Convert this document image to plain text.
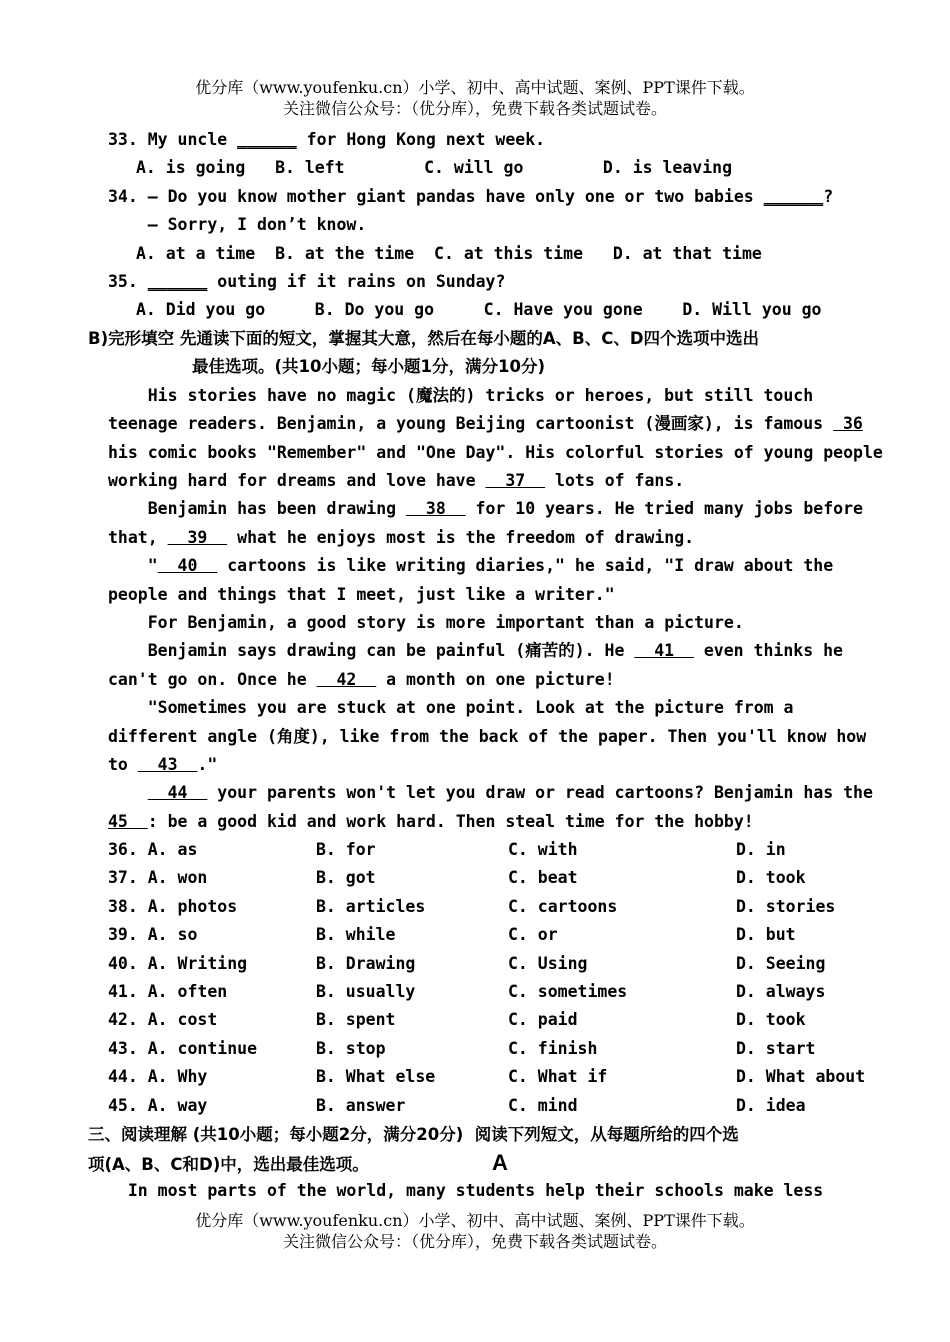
优分库（www.youfenku.cn）小学、初中、高中试题、案例、PPT课件下载。
关注微信公众号：（优分库），免费下载各类试题试卷。
33. My uncle ______ for Hong Kong next week.
A. is going   B. left        C. will go        D. is leaving
34. — Do you know mother giant pandas have only one or two babies ______?
— Sorry, I don’t know.
A. at a time  B. at the time  C. at this time   D. at that time
35. ______ outing if it rains on Sunday?
A. Did you go     B. Do you go     C. Have you gone    D. Will you go
B)完形填空 先通读下面的短文，掌握其大意，然后在每小题的A、B、C、D四个选项中选出
最佳选项。(共10小题；每小题1分，满分10分)
His stories have no magic (魔法的) tricks or heroes, but still touch
teenage readers. Benjamin, a young Beijing cartoonist (漫画家), is famous  36
his comic books "Remember" and "One Day". His colorful stories of young people
working hard for dreams and love have   37   lots of fans.
Benjamin has been drawing   38   for 10 years. He tried many jobs before
that,   39   what he enjoys most is the freedom of drawing.
"  40   cartoons is like writing diaries," he said, "I draw about the
people and things that I meet, just like a writer."
For Benjamin, a good story is more important than a picture.
Benjamin says drawing can be painful (痛苦的). He   41   even thinks he
can't go on. Once he   42   a month on one picture!
"Sometimes you are stuck at one point. Look at the picture from a
different angle (角度), like from the back of the paper. Then you'll know how
to   43  ."
44   your parents won't let you draw or read cartoons? Benjamin has the
45  : be a good kid and work hard. Then steal time for the hobby!
36. A. as	B. for	C. with	D. in
37. A. won	B. got	C. beat	D. took
38. A. photos	B. articles	C. cartoons	D. stories
39. A. so	B. while	C. or	D. but
40. A. Writing	B. Drawing	C. Using	D. Seeing
41. A. often	B. usually	C. sometimes	D. always
42. A. cost	B. spent	C. paid	D. took
43. A. continue	B. stop	C. finish	D. start
44. A. Why	B. What else	C. What if	D. What about
45. A. way	B. answer	C. mind	D. idea
三、阅读理解 (共10小题；每小题2分，满分20分)  阅读下列短文，从每题所给的四个选
项(A、B、C和D)中，选出最佳选项。	A
In most parts of the world, many students help their schools make less
优分库（www.youfenku.cn）小学、初中、高中试题、案例、PPT课件下载。
关注微信公众号：（优分库），免费下载各类试题试卷。
